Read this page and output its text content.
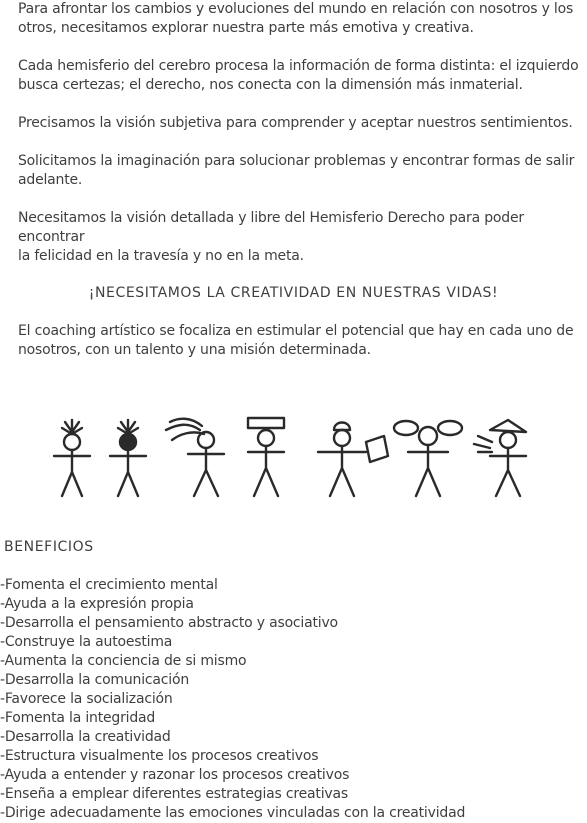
Para afrontar los cambios y evoluciones del mundo en relación con nosotros y los
otros, necesitamos explorar nuestra parte más emotiva y creativa.

Cada hemisferio del cerebro procesa la información de forma distinta: el izquierdo
busca certezas; el derecho, nos conecta con la dimensión más inmaterial.

Precisamos la visión subjetiva para comprender y aceptar nuestros sentimientos.

Solicitamos la imaginación para solucionar problemas y encontrar formas de salir
adelante.

Necesitamos la visión detallada y libre del Hemisferio Derecho para poder encontrar
la felicidad en la travesía y no en la meta.

¡NECESITAMOS LA CREATIVIDAD EN NUESTRAS VIDAS!

El coaching artístico se focaliza en estimular el potencial que hay en cada uno de
nosotros, con un talento y una misión determinada.

BENEFICIOS

-Fomenta el crecimiento mental
-Ayuda a la expresión propia
-Desarrolla el pensamiento abstracto y asociativo
-Construye la autoestima
-Aumenta la conciencia de si mismo
-Desarrolla la comunicación
-Favorece la socialización
-Fomenta la integridad
-Desarrolla la creatividad
-Estructura visualmente los procesos creativos
-Ayuda a entender y razonar los procesos creativos
-Enseña a emplear diferentes estrategias creativas
-Dirige adecuadamente las emociones vinculadas con la creatividad
